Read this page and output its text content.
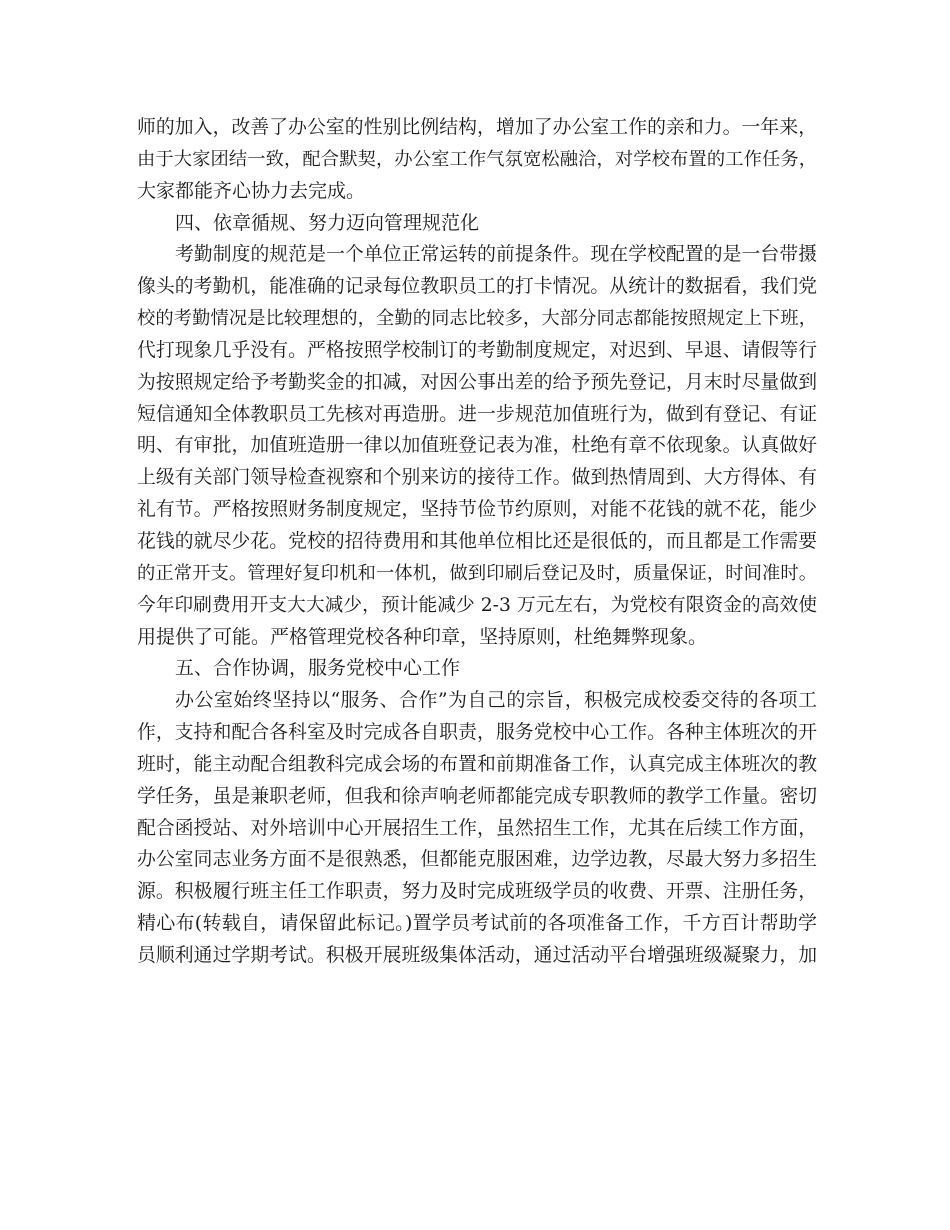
师的加入，改善了办公室的性别比例结构，增加了办公室工作的亲和力。一年来，
由于大家团结一致，配合默契，办公室工作气氛宽松融洽，对学校布置的工作任务，
大家都能齐心协力去完成。
四、依章循规、努力迈向管理规范化
考勤制度的规范是一个单位正常运转的前提条件。现在学校配置的是一台带摄
像头的考勤机，能准确的记录每位教职员工的打卡情况。从统计的数据看，我们党
校的考勤情况是比较理想的，全勤的同志比较多，大部分同志都能按照规定上下班，
代打现象几乎没有。严格按照学校制订的考勤制度规定，对迟到、早退、请假等行
为按照规定给予考勤奖金的扣减，对因公事出差的给予预先登记，月末时尽量做到
短信通知全体教职员工先核对再造册。进一步规范加值班行为，做到有登记、有证
明、有审批，加值班造册一律以加值班登记表为准，杜绝有章不依现象。认真做好
上级有关部门领导检查视察和个别来访的接待工作。做到热情周到、大方得体、有
礼有节。严格按照财务制度规定，坚持节俭节约原则，对能不花钱的就不花，能少
花钱的就尽少花。党校的招待费用和其他单位相比还是很低的，而且都是工作需要
的正常开支。管理好复印机和一体机，做到印刷后登记及时，质量保证，时间准时。
今年印刷费用开支大大减少，预计能减少 2-3 万元左右，为党校有限资金的高效使
用提供了可能。严格管理党校各种印章，坚持原则，杜绝舞弊现象。
五、合作协调，服务党校中心工作
办公室始终坚持以“服务、合作”为自己的宗旨，积极完成校委交待的各项工
作，支持和配合各科室及时完成各自职责，服务党校中心工作。各种主体班次的开
班时，能主动配合组教科完成会场的布置和前期准备工作，认真完成主体班次的教
学任务，虽是兼职老师，但我和徐声响老师都能完成专职教师的教学工作量。密切
配合函授站、对外培训中心开展招生工作，虽然招生工作，尤其在后续工作方面，
办公室同志业务方面不是很熟悉，但都能克服困难，边学边教，尽最大努力多招生
源。积极履行班主任工作职责，努力及时完成班级学员的收费、开票、注册任务，
精心布(转载自，请保留此标记。)置学员考试前的各项准备工作，千方百计帮助学
员顺利通过学期考试。积极开展班级集体活动，通过活动平台增强班级凝聚力，加
